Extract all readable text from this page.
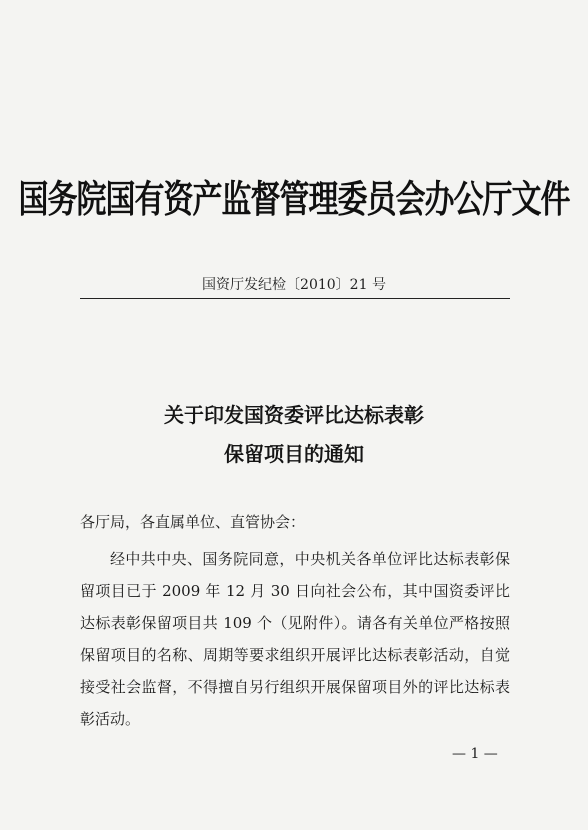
国务院国有资产监督管理委员会办公厅文件
国资厅发纪检〔2010〕21 号
关于印发国资委评比达标表彰
保留项目的通知
各厅局，各直属单位、直管协会：
经中共中央、国务院同意，中央机关各单位评比达标表彰保留项目已于 2009 年 12 月 30 日向社会公布，其中国资委评比达标表彰保留项目共 109 个（见附件）。请各有关单位严格按照保留项目的名称、周期等要求组织开展评比达标表彰活动，自觉接受社会监督，不得擅自另行组织开展保留项目外的评比达标表彰活动。
— 1 —
